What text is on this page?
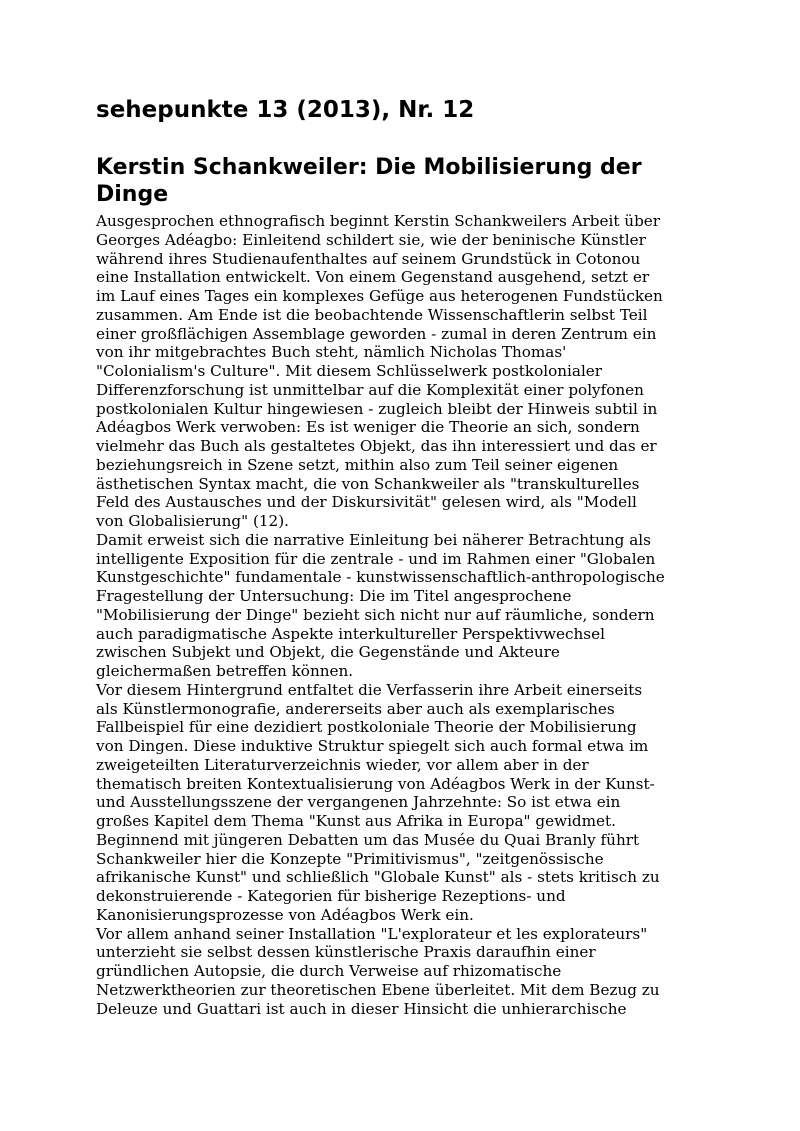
sehepunkte 13 (2013), Nr. 12
Kerstin Schankweiler: Die Mobilisierung der
Dinge

Ausgesprochen ethnografisch beginnt Kerstin Schankweilers Arbeit über
Georges Adéagbo: Einleitend schildert sie, wie der beninische Künstler
während ihres Studienaufenthaltes auf seinem Grundstück in Cotonou
eine Installation entwickelt. Von einem Gegenstand ausgehend, setzt er
im Lauf eines Tages ein komplexes Gefüge aus heterogenen Fundstücken
zusammen. Am Ende ist die beobachtende Wissenschaftlerin selbst Teil
einer großflächigen Assemblage geworden - zumal in deren Zentrum ein
von ihr mitgebrachtes Buch steht, nämlich Nicholas Thomas'
"Colonialism's Culture". Mit diesem Schlüsselwerk postkolonialer
Differenzforschung ist unmittelbar auf die Komplexität einer polyfonen
postkolonialen Kultur hingewiesen - zugleich bleibt der Hinweis subtil in
Adéagbos Werk verwoben: Es ist weniger die Theorie an sich, sondern
vielmehr das Buch als gestaltetes Objekt, das ihn interessiert und das er
beziehungsreich in Szene setzt, mithin also zum Teil seiner eigenen
ästhetischen Syntax macht, die von Schankweiler als "transkulturelles
Feld des Austausches und der Diskursivität" gelesen wird, als "Modell
von Globalisierung" (12).

Damit erweist sich die narrative Einleitung bei näherer Betrachtung als
intelligente Exposition für die zentrale - und im Rahmen einer "Globalen
Kunstgeschichte" fundamentale - kunstwissenschaftlich-anthropologische
Fragestellung der Untersuchung: Die im Titel angesprochene
"Mobilisierung der Dinge" bezieht sich nicht nur auf räumliche, sondern
auch paradigmatische Aspekte interkultureller Perspektivwechsel
zwischen Subjekt und Objekt, die Gegenstände und Akteure
gleichermaßen betreffen können.

Vor diesem Hintergrund entfaltet die Verfasserin ihre Arbeit einerseits
als Künstlermonografie, andererseits aber auch als exemplarisches
Fallbeispiel für eine dezidiert postkoloniale Theorie der Mobilisierung
von Dingen. Diese induktive Struktur spiegelt sich auch formal etwa im
zweigeteilten Literaturverzeichnis wieder, vor allem aber in der
thematisch breiten Kontextualisierung von Adéagbos Werk in der Kunst-
und Ausstellungsszene der vergangenen Jahrzehnte: So ist etwa ein
großes Kapitel dem Thema "Kunst aus Afrika in Europa" gewidmet.
Beginnend mit jüngeren Debatten um das Musée du Quai Branly führt
Schankweiler hier die Konzepte "Primitivismus", "zeitgenössische
afrikanische Kunst" und schließlich "Globale Kunst" als - stets kritisch zu
dekonstruierende - Kategorien für bisherige Rezeptions- und
Kanonisierungsprozesse von Adéagbos Werk ein.

Vor allem anhand seiner Installation "L'explorateur et les explorateurs"
unterzieht sie selbst dessen künstlerische Praxis daraufhin einer
gründlichen Autopsie, die durch Verweise auf rhizomatische
Netzwerktheorien zur theoretischen Ebene überleitet. Mit dem Bezug zu
Deleuze und Guattari ist auch in dieser Hinsicht die unhierarchische
